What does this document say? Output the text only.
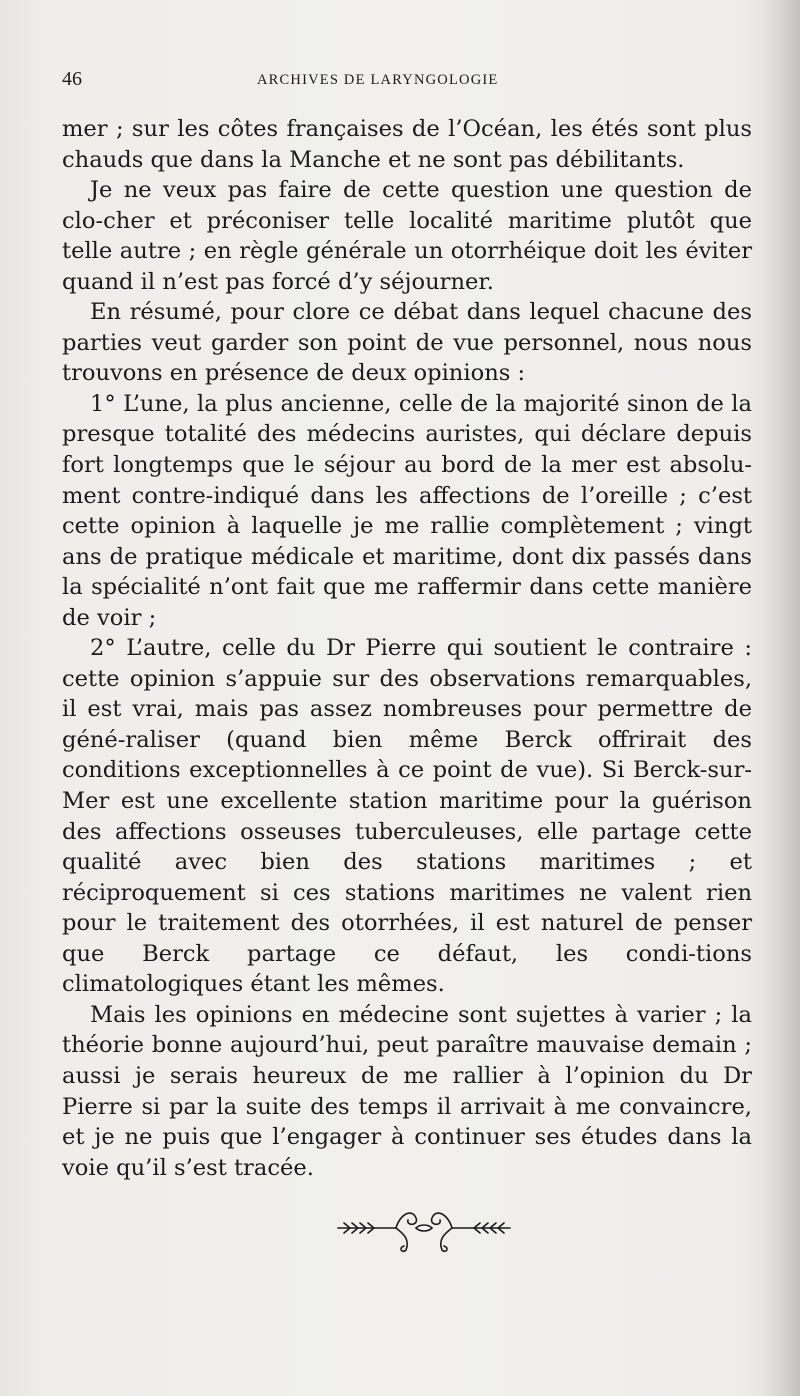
46	ARCHIVES DE LARYNGOLOGIE

mer ; sur les côtes françaises de l’Océan, les étés sont plus chauds que dans la Manche et ne sont pas débilitants.

Je ne veux pas faire de cette question une question de clo-cher et préconiser telle localité maritime plutôt que telle autre ; en règle générale un otorrhéique doit les éviter quand il n’est pas forcé d’y séjourner.

En résumé, pour clore ce débat dans lequel chacune des parties veut garder son point de vue personnel, nous nous trouvons en présence de deux opinions :

1° L’une, la plus ancienne, celle de la majorité sinon de la presque totalité des médecins auristes, qui déclare depuis fort longtemps que le séjour au bord de la mer est absolu-ment contre-indiqué dans les affections de l’oreille ; c’est cette opinion à laquelle je me rallie complètement ; vingt ans de pratique médicale et maritime, dont dix passés dans la spécialité n’ont fait que me raffermir dans cette manière de voir ;

2° L’autre, celle du Dr Pierre qui soutient le contraire : cette opinion s’appuie sur des observations remarquables, il est vrai, mais pas assez nombreuses pour permettre de géné-raliser (quand bien même Berck offrirait des conditions exceptionnelles à ce point de vue). Si Berck-sur-Mer est une excellente station maritime pour la guérison des affections osseuses tuberculeuses, elle partage cette qualité avec bien des stations maritimes ; et réciproquement si ces stations maritimes ne valent rien pour le traitement des otorrhées, il est naturel de penser que Berck partage ce défaut, les condi-tions climatologiques étant les mêmes.

Mais les opinions en médecine sont sujettes à varier ; la théorie bonne aujourd’hui, peut paraître mauvaise demain ; aussi je serais heureux de me rallier à l’opinion du Dr Pierre si par la suite des temps il arrivait à me convaincre, et je ne puis que l’engager à continuer ses études dans la voie qu’il s’est tracée.
